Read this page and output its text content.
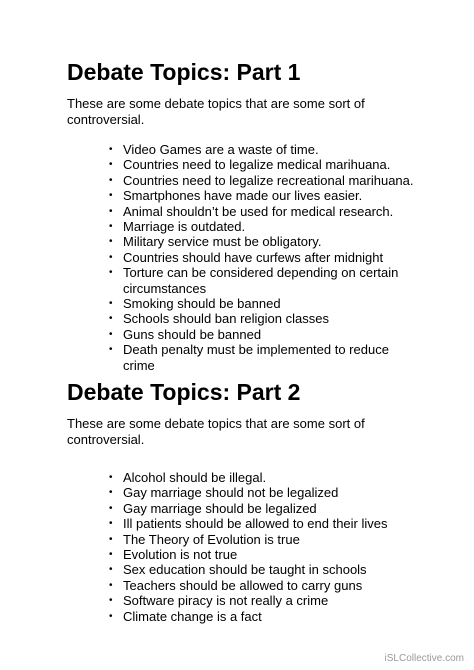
Debate Topics: Part 1

These are some debate topics that are some sort of controversial.

• Video Games are a waste of time.
• Countries need to legalize medical marihuana.
• Countries need to legalize recreational marihuana.
• Smartphones have made our lives easier.
• Animal shouldn’t be used for medical research.
• Marriage is outdated.
• Military service must be obligatory.
• Countries should have curfews after midnight
• Torture can be considered depending on certain circumstances
• Smoking should be banned
• Schools should ban religion classes
• Guns should be banned
• Death penalty must be implemented to reduce crime
Debate Topics: Part 2

These are some debate topics that are some sort of controversial.

• Alcohol should be illegal.
• Gay marriage should not be legalized
• Gay marriage should be legalized
• Ill patients should be allowed to end their lives
• The Theory of Evolution is true
• Evolution is not true
• Sex education should be taught in schools
• Teachers should be allowed to carry guns
• Software piracy is not really a crime
• Climate change is a fact
iSLCollective.com
